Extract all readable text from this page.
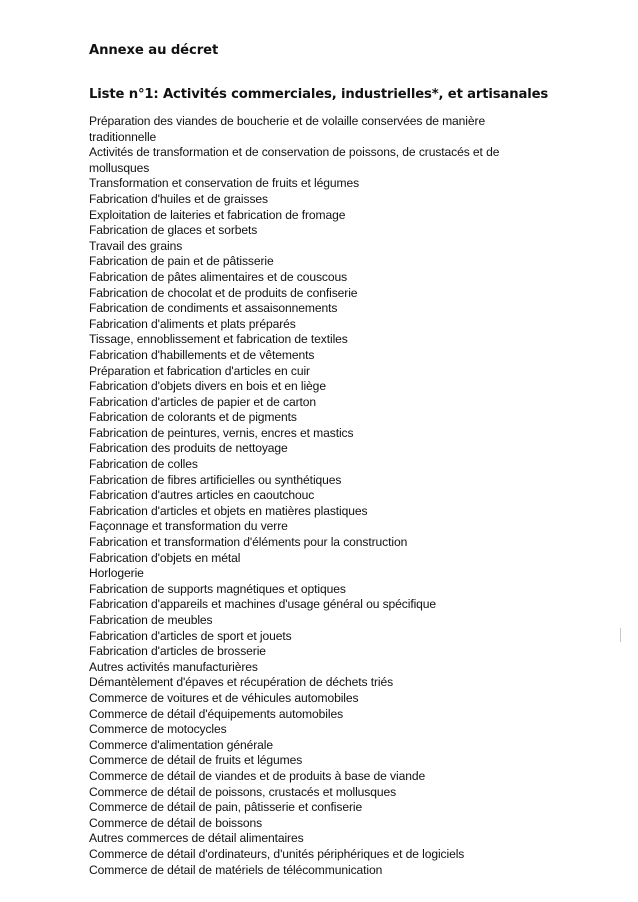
Annexe au décret
Liste n°1: Activités commerciales, industrielles*, et artisanales
Préparation des viandes de boucherie et de volaille conservées de manière traditionnelle
Activités de transformation et de conservation de poissons, de crustacés et de mollusques
Transformation et conservation de fruits et légumes
Fabrication d'huiles et de graisses
Exploitation de laiteries et fabrication de fromage
Fabrication de glaces et sorbets
Travail des grains
Fabrication de pain et de pâtisserie
Fabrication de pâtes alimentaires et de couscous
Fabrication de chocolat et de produits de confiserie
Fabrication de condiments et assaisonnements
Fabrication d'aliments et plats préparés
Tissage, ennoblissement et fabrication de textiles
Fabrication d'habillements et de vêtements
Préparation et fabrication d'articles en cuir
Fabrication d'objets divers en bois et en liège
Fabrication d'articles de papier et de carton
Fabrication de colorants et de pigments
Fabrication de peintures, vernis, encres et mastics
Fabrication des produits de nettoyage
Fabrication de colles
Fabrication de fibres artificielles ou synthétiques
Fabrication d'autres articles en caoutchouc
Fabrication d'articles et objets en matières plastiques
Façonnage et transformation du verre
Fabrication et transformation d'éléments pour la construction
Fabrication d'objets en métal
Horlogerie
Fabrication de supports magnétiques et optiques
Fabrication d'appareils et machines d'usage général ou spécifique
Fabrication de meubles
Fabrication d'articles de sport et jouets
Fabrication d'articles de brosserie
Autres activités manufacturières
Démantèlement d'épaves et récupération de déchets triés
Commerce de voitures et de véhicules automobiles
Commerce de détail d'équipements automobiles
Commerce de motocycles
Commerce d'alimentation générale
Commerce de détail de fruits et légumes
Commerce de détail de viandes et de produits à base de viande
Commerce de détail de poissons, crustacés et mollusques
Commerce de détail de pain, pâtisserie et confiserie
Commerce de détail de boissons
Autres commerces de détail alimentaires
Commerce de détail d'ordinateurs, d'unités périphériques et de logiciels
Commerce de détail de matériels de télécommunication
